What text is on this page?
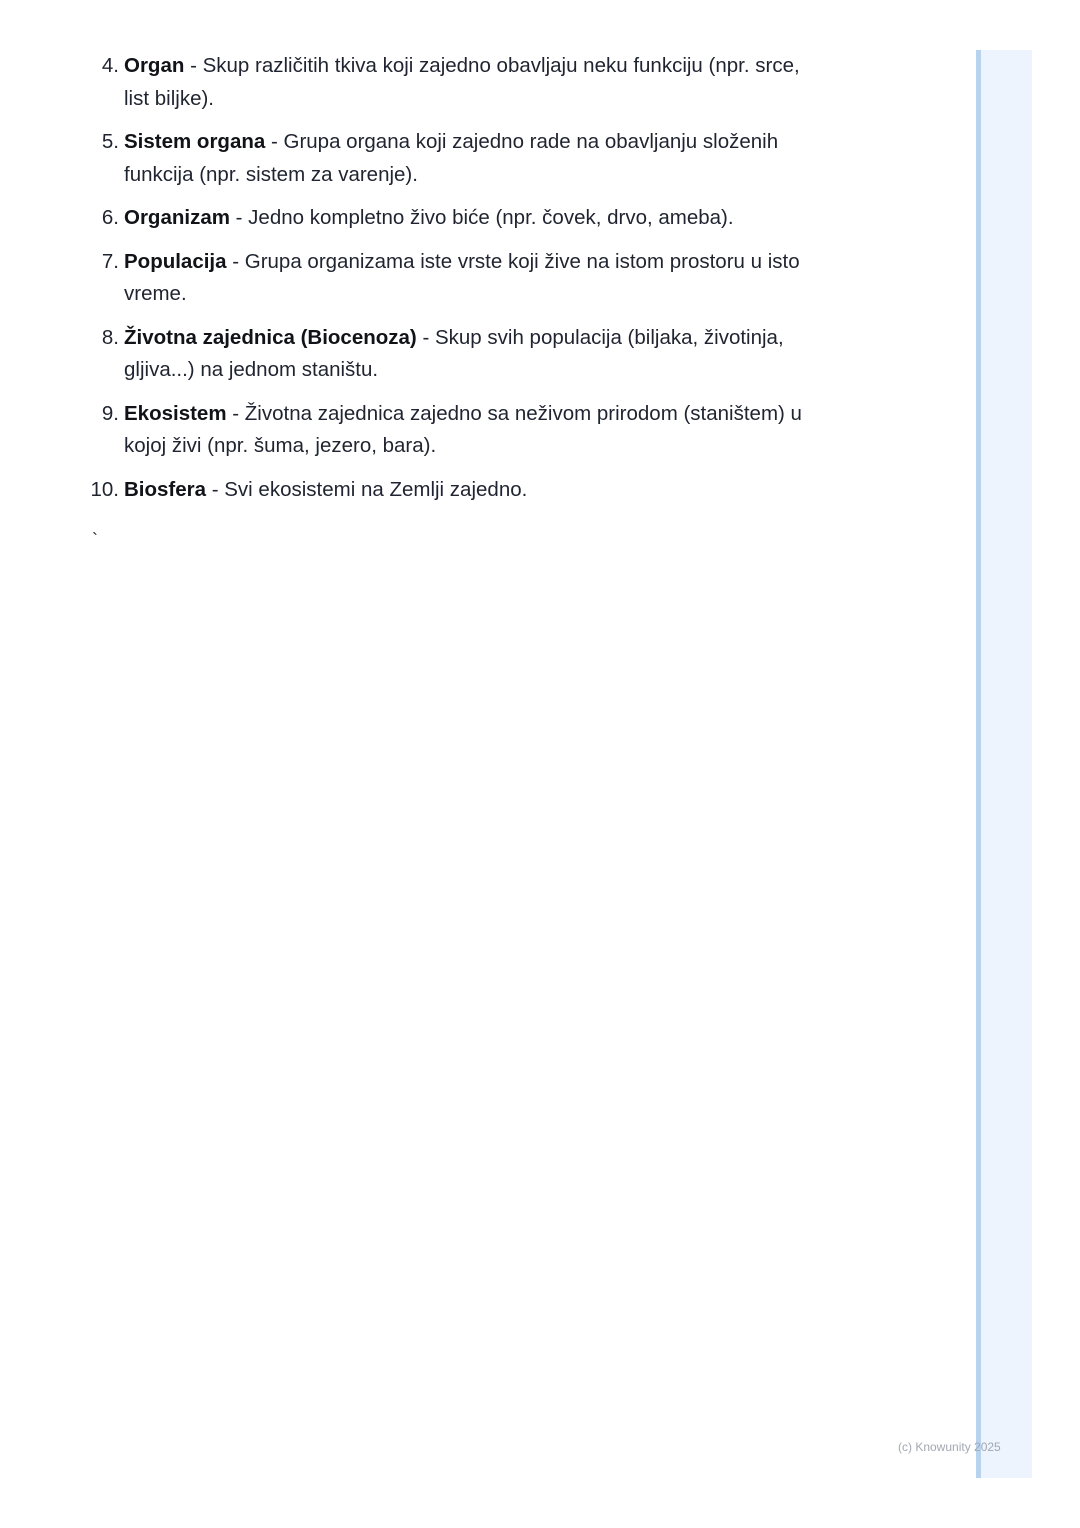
4. Organ - Skup različitih tkiva koji zajedno obavljaju neku funkciju (npr. srce, list biljke).
5. Sistem organa - Grupa organa koji zajedno rade na obavljanju složenih funkcija (npr. sistem za varenje).
6. Organizam - Jedno kompletno živo biće (npr. čovek, drvo, ameba).
7. Populacija - Grupa organizama iste vrste koji žive na istom prostoru u isto vreme.
8. Životna zajednica (Biocenoza) - Skup svih populacija (biljaka, životinja, gljiva...) na jednom staništu.
9. Ekosistem - Životna zajednica zajedno sa neživom prirodom (staništem) u kojoj živi (npr. šuma, jezero, bara).
10. Biosfera - Svi ekosistemi na Zemlji zajedno.
`
(c) Knowunity 2025
